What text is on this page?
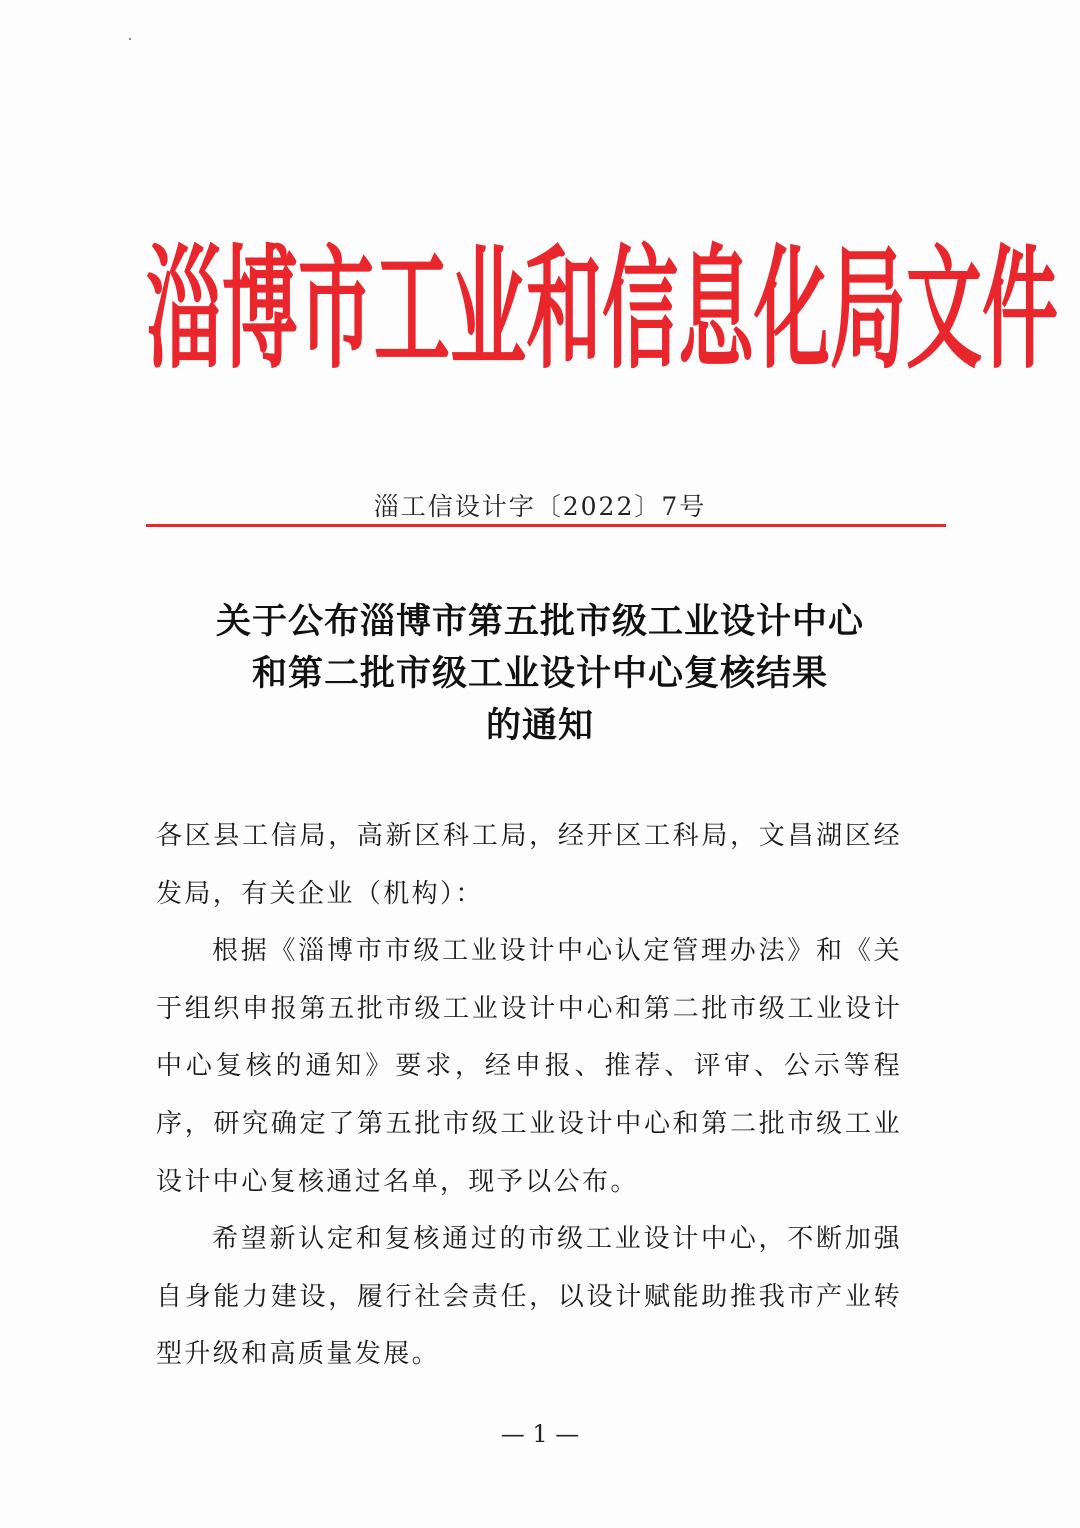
淄 博 市 工 业 和 信 息 化 局 文 件
淄工信设计字〔2022〕7号
关于公布淄博市第五批市级工业设计中心
和第二批市级工业设计中心复核结果
的通知

各区县工信局，高新区科工局，经开区工科局，文昌湖区经发局，有关企业（机构）：

根据《淄博市市级工业设计中心认定管理办法》和《关于组织申报第五批市级工业设计中心和第二批市级工业设计中心复核的通知》要求，经申报、推荐、评审、公示等程序，研究确定了第五批市级工业设计中心和第二批市级工业设计中心复核通过名单，现予以公布。

希望新认定和复核通过的市级工业设计中心，不断加强自身能力建设，履行社会责任，以设计赋能助推我市产业转型升级和高质量发展。

— 1 —
